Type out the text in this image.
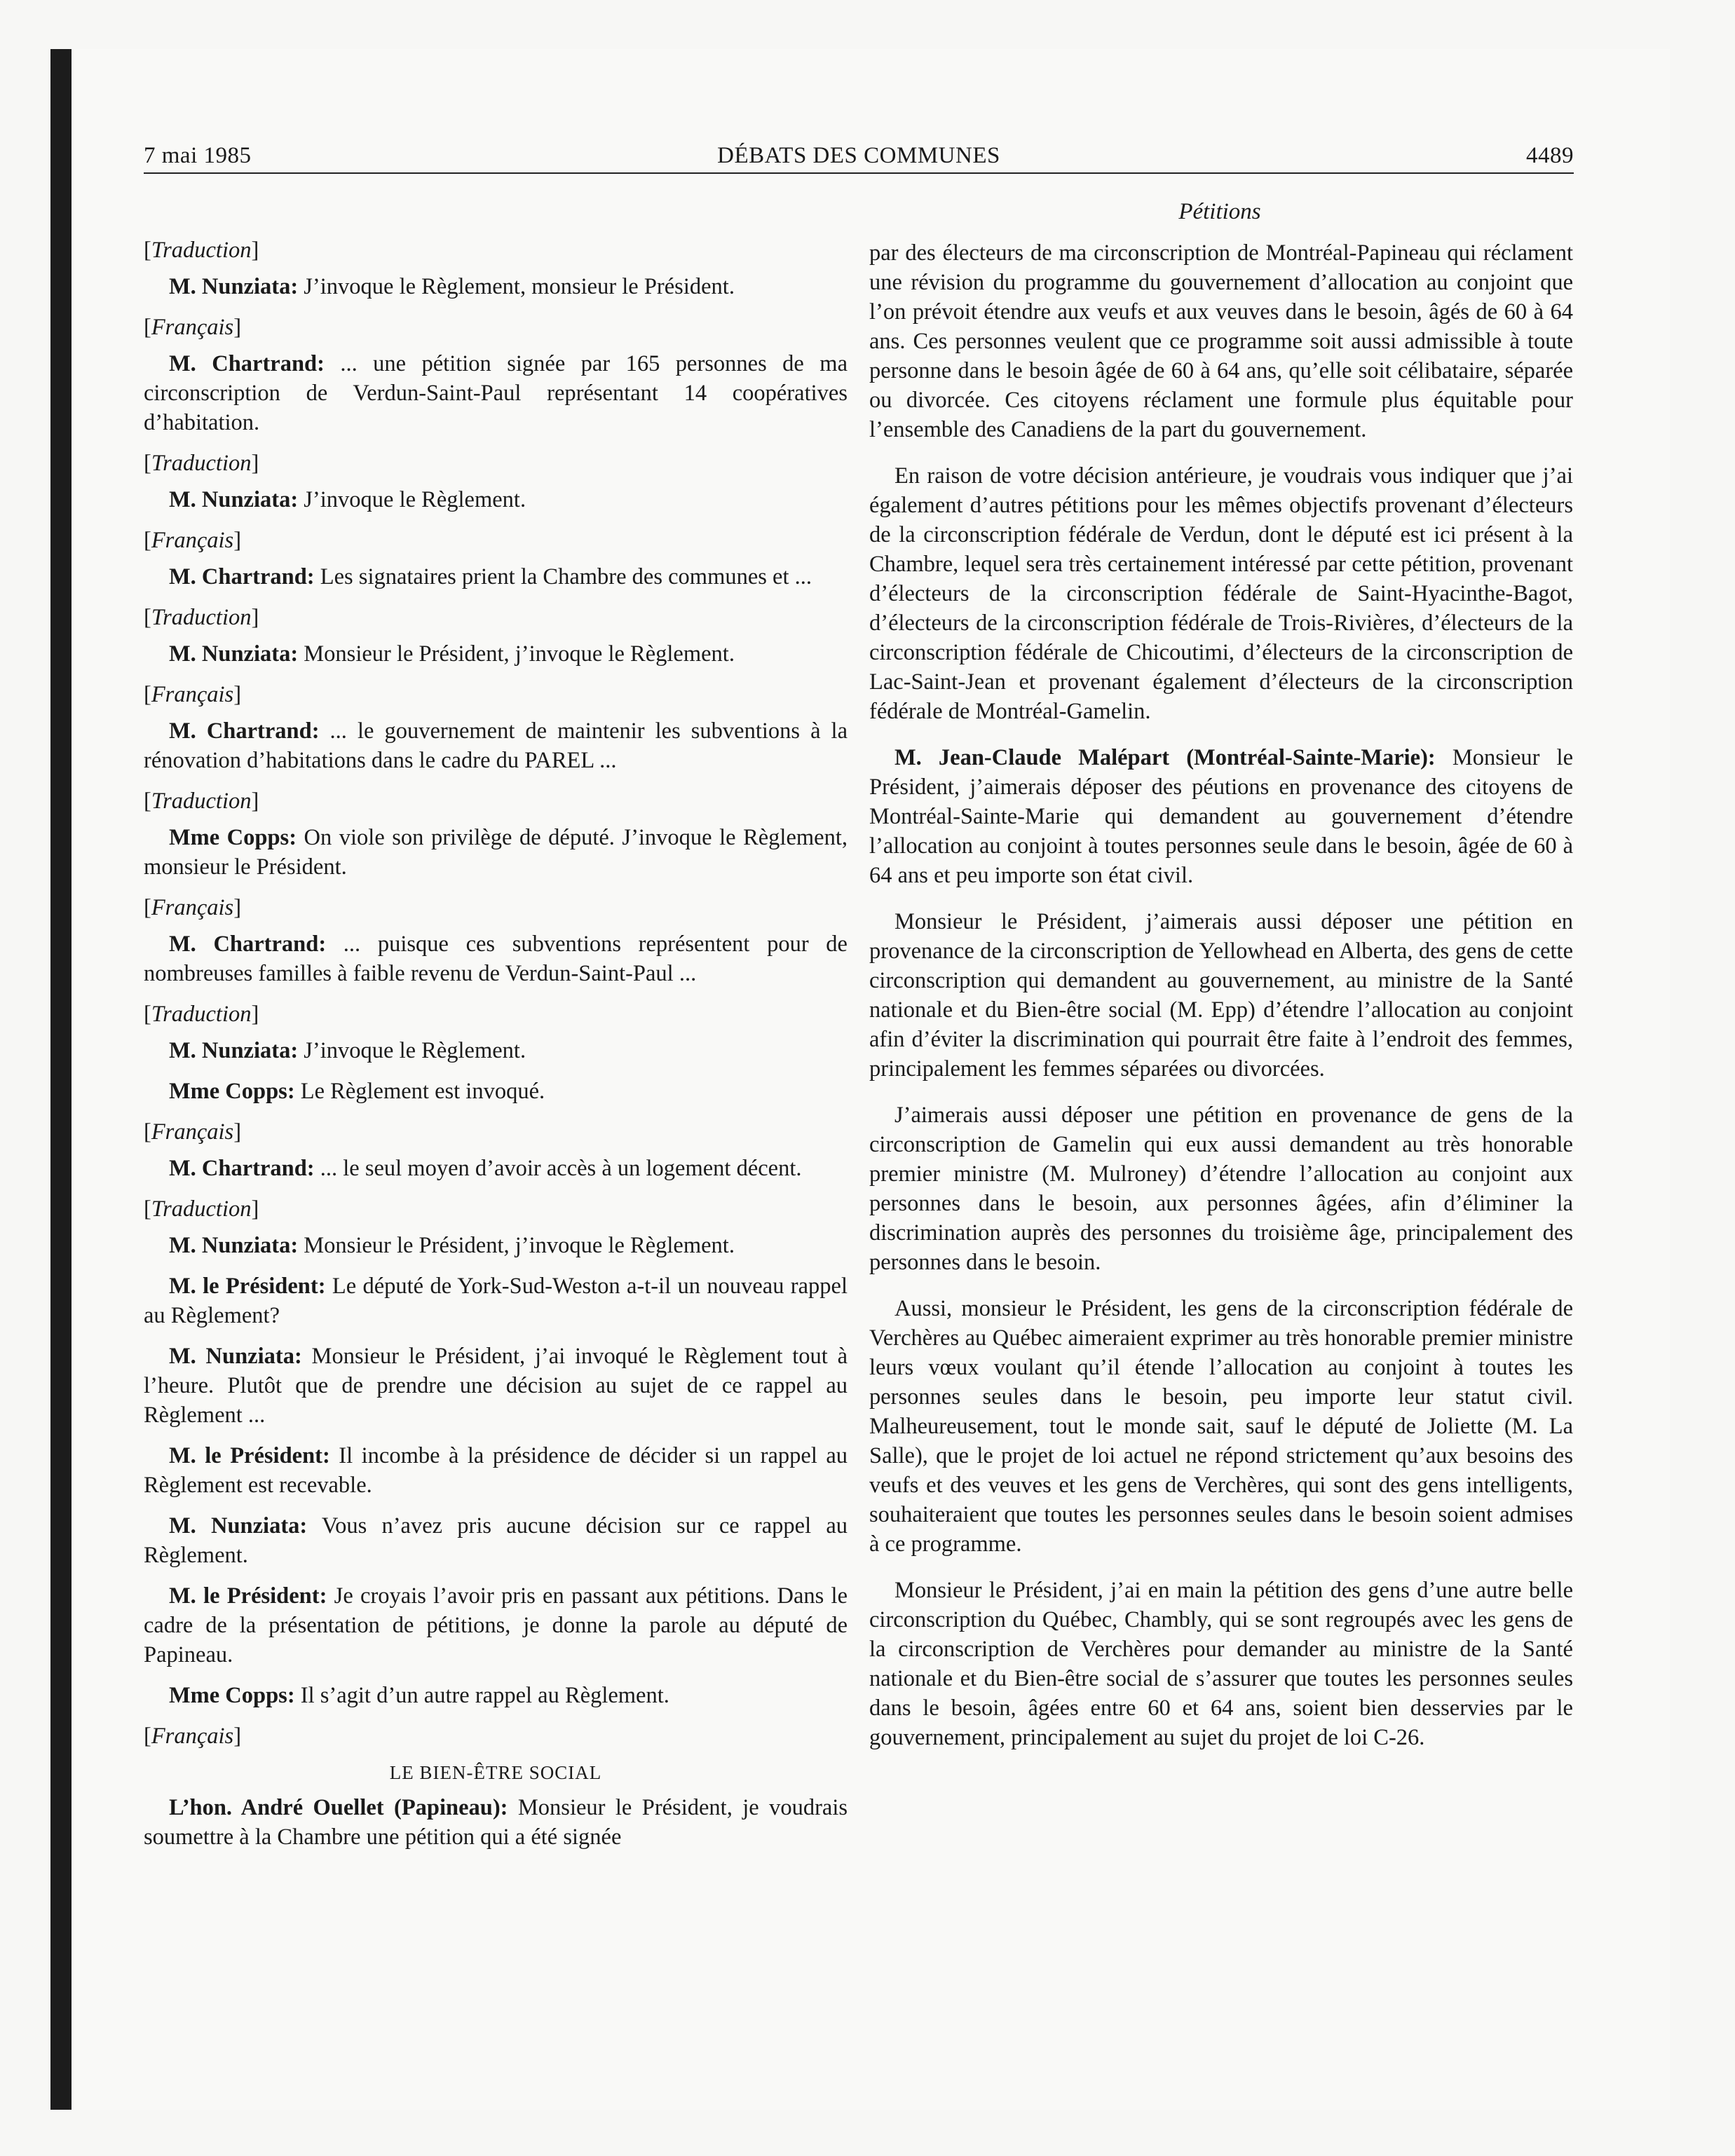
7 mai 1985	DÉBATS DES COMMUNES	4489
Pétitions
[Traduction]

M. Nunziata: J’invoque le Règlement, monsieur le Président.

[Français]

M. Chartrand: ... une pétition signée par 165 personnes de ma circonscription de Verdun-Saint-Paul représentant 14 coopératives d’habitation.

[Traduction]

M. Nunziata: J’invoque le Règlement.

[Français]

M. Chartrand: Les signataires prient la Chambre des communes et ...

[Traduction]

M. Nunziata: Monsieur le Président, j’invoque le Règlement.

[Français]

M. Chartrand: ... le gouvernement de maintenir les subventions à la rénovation d’habitations dans le cadre du PAREL ...

[Traduction]

Mme Copps: On viole son privilège de député. J’invoque le Règlement, monsieur le Président.

[Français]

M. Chartrand: ... puisque ces subventions représentent pour de nombreuses familles à faible revenu de Verdun-Saint-Paul ...

[Traduction]

M. Nunziata: J’invoque le Règlement.

Mme Copps: Le Règlement est invoqué.

[Français]

M. Chartrand: ... le seul moyen d’avoir accès à un logement décent.

[Traduction]

M. Nunziata: Monsieur le Président, j’invoque le Règlement.

M. le Président: Le député de York-Sud-Weston a-t-il un nouveau rappel au Règlement?

M. Nunziata: Monsieur le Président, j’ai invoqué le Règlement tout à l’heure. Plutôt que de prendre une décision au sujet de ce rappel au Règlement ...

M. le Président: Il incombe à la présidence de décider si un rappel au Règlement est recevable.

M. Nunziata: Vous n’avez pris aucune décision sur ce rappel au Règlement.

M. le Président: Je croyais l’avoir pris en passant aux pétitions. Dans le cadre de la présentation de pétitions, je donne la parole au député de Papineau.

Mme Copps: Il s’agit d’un autre rappel au Règlement.

[Français]
LE BIEN-ÊTRE SOCIAL

L’hon. André Ouellet (Papineau): Monsieur le Président, je voudrais soumettre à la Chambre une pétition qui a été signée

par des électeurs de ma circonscription de Montréal-Papineau qui réclament une révision du programme du gouvernement d’allocation au conjoint que l’on prévoit étendre aux veufs et aux veuves dans le besoin, âgés de 60 à 64 ans. Ces personnes veulent que ce programme soit aussi admissible à toute personne dans le besoin âgée de 60 à 64 ans, qu’elle soit célibataire, séparée ou divorcée. Ces citoyens réclament une formule plus équitable pour l’ensemble des Canadiens de la part du gouvernement.

En raison de votre décision antérieure, je voudrais vous indiquer que j’ai également d’autres pétitions pour les mêmes objectifs provenant d’électeurs de la circonscription fédérale de Verdun, dont le député est ici présent à la Chambre, lequel sera très certainement intéressé par cette pétition, provenant d’électeurs de la circonscription fédérale de Saint-Hyacinthe-Bagot, d’électeurs de la circonscription fédérale de Trois-Rivières, d’électeurs de la circonscription fédérale de Chicoutimi, d’électeurs de la circonscription de Lac-Saint-Jean et provenant également d’électeurs de la circonscription fédérale de Montréal-Gamelin.

M. Jean-Claude Malépart (Montréal-Sainte-Marie): Monsieur le Président, j’aimerais déposer des péutions en provenance des citoyens de Montréal-Sainte-Marie qui demandent au gouvernement d’étendre l’allocation au conjoint à toutes personnes seule dans le besoin, âgée de 60 à 64 ans et peu importe son état civil.

Monsieur le Président, j’aimerais aussi déposer une pétition en provenance de la circonscription de Yellowhead en Alberta, des gens de cette circonscription qui demandent au gouvernement, au ministre de la Santé nationale et du Bien-être social (M. Epp) d’étendre l’allocation au conjoint afin d’éviter la discrimination qui pourrait être faite à l’endroit des femmes, principalement les femmes séparées ou divorcées.

J’aimerais aussi déposer une pétition en provenance de gens de la circonscription de Gamelin qui eux aussi demandent au très honorable premier ministre (M. Mulroney) d’étendre l’allocation au conjoint aux personnes dans le besoin, aux personnes âgées, afin d’éliminer la discrimination auprès des personnes du troisième âge, principalement des personnes dans le besoin.

Aussi, monsieur le Président, les gens de la circonscription fédérale de Verchères au Québec aimeraient exprimer au très honorable premier ministre leurs vœux voulant qu’il étende l’allocation au conjoint à toutes les personnes seules dans le besoin, peu importe leur statut civil. Malheureusement, tout le monde sait, sauf le député de Joliette (M. La Salle), que le projet de loi actuel ne répond strictement qu’aux besoins des veufs et des veuves et les gens de Verchères, qui sont des gens intelligents, souhaiteraient que toutes les personnes seules dans le besoin soient admises à ce programme.

Monsieur le Président, j’ai en main la pétition des gens d’une autre belle circonscription du Québec, Chambly, qui se sont regroupés avec les gens de la circonscription de Verchères pour demander au ministre de la Santé nationale et du Bien-être social de s’assurer que toutes les personnes seules dans le besoin, âgées entre 60 et 64 ans, soient bien desservies par le gouvernement, principalement au sujet du projet de loi C-26.
